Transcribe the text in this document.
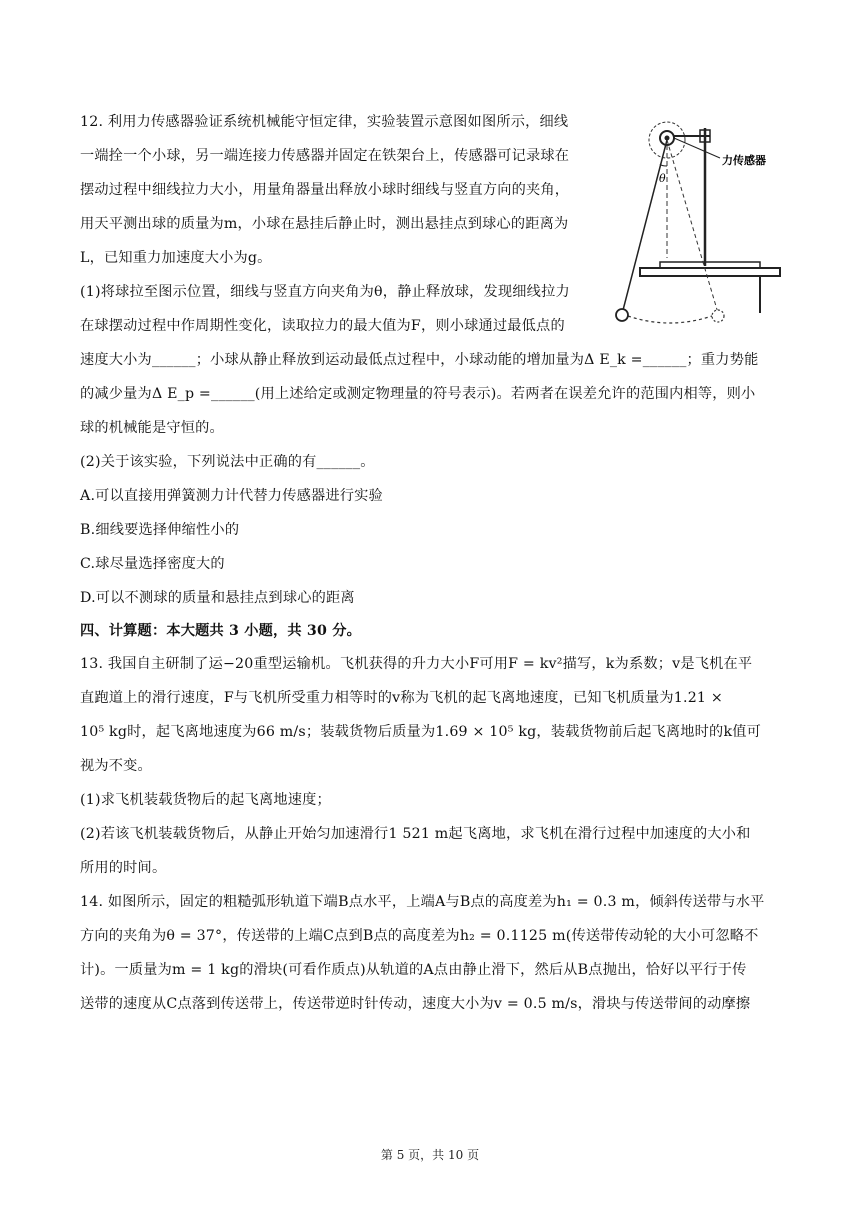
力传感器
θ
12. 利用力传感器验证系统机械能守恒定律，实验装置示意图如图所示，细线
一端拴一个小球，另一端连接力传感器并固定在铁架台上，传感器可记录球在
摆动过程中细线拉力大小，用量角器量出释放小球时细线与竖直方向的夹角，
用天平测出球的质量为m，小球在悬挂后静止时，测出悬挂点到球心的距离为
L，已知重力加速度大小为g。
(1)将球拉至图示位置，细线与竖直方向夹角为θ，静止释放球，发现细线拉力
在球摆动过程中作周期性变化，读取拉力的最大值为F，则小球通过最低点的
速度大小为______；小球从静止释放到运动最低点过程中，小球动能的增加量为Δ E_k =______；重力势能
的减少量为Δ E_p =______(用上述给定或测定物理量的符号表示)。若两者在误差允许的范围内相等，则小
球的机械能是守恒的。
(2)关于该实验，下列说法中正确的有______。
A.可以直接用弹簧测力计代替力传感器进行实验
B.细线要选择伸缩性小的
C.球尽量选择密度大的
D.可以不测球的质量和悬挂点到球心的距离
四、计算题：本大题共 3 小题，共 30 分。
13. 我国自主研制了运−20重型运输机。飞机获得的升力大小F可用F = kv²描写，k为系数；v是飞机在平
直跑道上的滑行速度，F与飞机所受重力相等时的v称为飞机的起飞离地速度，已知飞机质量为1.21 ×
10⁵ kg时，起飞离地速度为66 m/s；装载货物后质量为1.69 × 10⁵ kg，装载货物前后起飞离地时的k值可
视为不变。
(1)求飞机装载货物后的起飞离地速度；
(2)若该飞机装载货物后，从静止开始匀加速滑行1 521 m起飞离地，求飞机在滑行过程中加速度的大小和
所用的时间。
14. 如图所示，固定的粗糙弧形轨道下端B点水平，上端A与B点的高度差为h₁ = 0.3 m，倾斜传送带与水平
方向的夹角为θ = 37°，传送带的上端C点到B点的高度差为h₂ = 0.1125 m(传送带传动轮的大小可忽略不
计)。一质量为m = 1 kg的滑块(可看作质点)从轨道的A点由静止滑下，然后从B点抛出，恰好以平行于传
送带的速度从C点落到传送带上，传送带逆时针传动，速度大小为v = 0.5 m/s，滑块与传送带间的动摩擦
第 5 页，共 10 页
